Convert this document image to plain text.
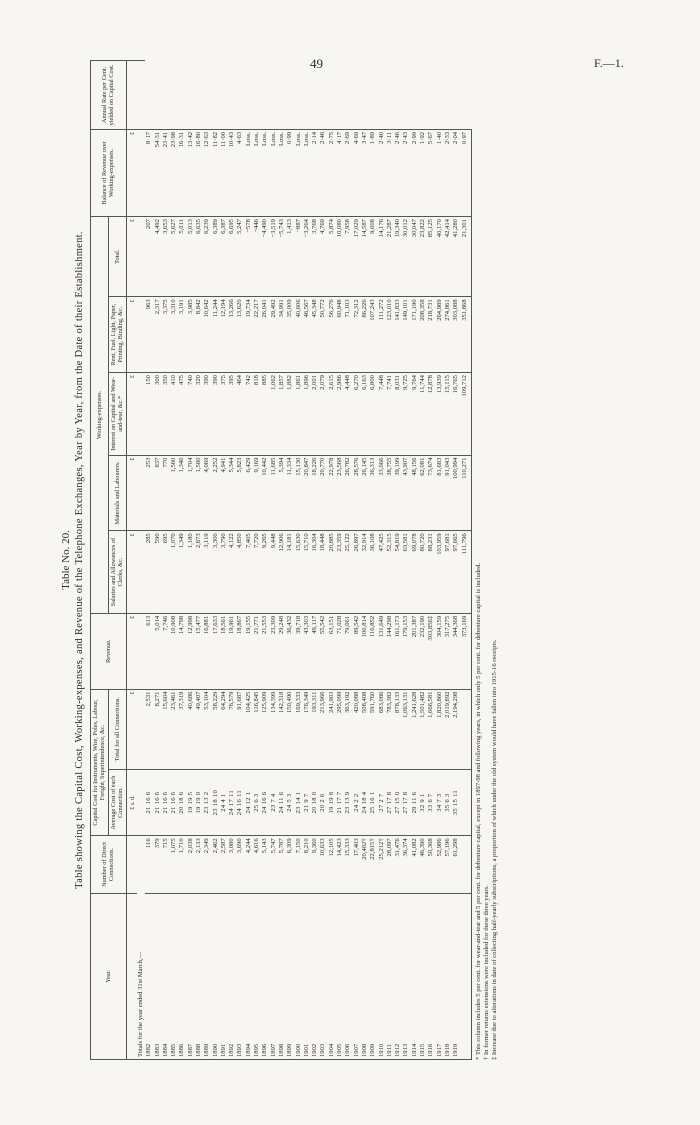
49	F.—1.
Table No. 20. Table showing the Capital Cost, Working-expenses, and Revenue of the Telephone Exchanges, Year by Year, from the Date of their Establishment.
Year.	Number of Direct Connections.	Capital Cost for Instruments, Wire, Poles, Labour, Freight, Superintendence, &c.		Revenue.	Working-expenses.					Balance of Revenue over Working-expenses.	Annual Rate per Cent. yielded on Capital Cost.
		Average Cost of each Connection.	Total for all Connections.		Salaries and Allowances of Clerks, &c.	Materials and Labourers.	Interest on Capital and Wear-and-tear, &c.*	Rent, Fuel, Light, Paper, Printing, Binding, &c.	Total.		
		£ s. d.	£	£	£	£	£	£	£	£	
Totals for the year ended 31st March,—											
1882	116	21 16 6	2,531	613	285	253	150	963	207	8·17	
1883	379	21 16 6	8,271	5,014	590	837	300	2,317	4,492	54·31	
1884	715	21 16 6	15,604	7,746	695	770	350	3,375	3,653	23·41	
1885	1,075	21 16 6	23,461	10,908	1,070	1,560	410	3,310	5,627	23·98	
1886	1,710	20 18 6	37,319	14,798	1,349	1,346	475	3,191	5,011	16·31	
1887	2,038	19 19 5	40,686	12,998	1,180	1,704	740	3,985	5,013	13·42	
1888	2,133	19 19 0	49,407	15,477	2,873	1,580	320	8,842	6,635	16·80	
1889	2,349	23 13 2	53,104	16,881	3,119	4,069	390	10,642	6,239	12·63	
1890	2,462	23 18 10	58,229	17,633	3,300	2,252	390	11,244	6,389	11·82	
1891	2,587	24 4 1	64,294	18,561	3,790	4,941	375	12,194	6,387	11·00	
1892	3,080	24 17 11	76,579	19,961	4,122	5,344	395	13,266	6,695	10·43	
1893	3,690	24 16 11	91,687	18,867	4,850	5,823	464	13,620	5,247	4·63	
1894	4,244	24 12 1	104,425	19,155	7,405	6,429	742	19,734	−578	Loss.	
1895	4,616	25 6 3	116,845	21,771	7,720	9,169	818	22,217	−446	Loss.	
1896	5,143	24 16 6	125,909	21,553	9,265	10,442	885	26,041	−4,490	Loss.	
1897	5,747	23 7 4	134,399	23,309	9,448	11,685	1,062	29,492	−3,519	Loss.	
1898	5,787	24 11 6	142,318	29,248	12,906	5,394	1,857	34,991	−5,743	Loss.	
1899	6,309	24 5 3	150,490	36,432	14,181	11,334	1,882	35,009	1,413	0·99	
1900	7,150	23 14 1	169,333	39,718	15,630	15,130	1,861	40,606	−887	Loss.	
1901	8,210	21 9 7	176,349	43,303	15,710	20,847	1,896	46,567	−3,264	Loss.	
1902	9,360	20 18 0	193,311	49,117	16,304	18,226	2,001	45,348	3,768	2·14	
1903	10,633	20 2 6	213,966	55,542	18,448	20,770	2,079	50,772	4,769	2·46	
1904	12,105	19 19 8	241,903	63,151	20,885	22,978	2,615	56,276	5,874	2·75	
1905	14,423	21 17 7	295,099	71,028	23,359	23,568	2,986	60,948	10,080	4·17	
1906	15,333	23 13 9	363,192	79,061	25,122	26,782	4,448	71,103	7,958	2·69	
1907	17,403	24 2 2	420,088	89,542	26,897	28,576	6,270	72,312	17,029	4·69	
1908	20,402†	24 18 4	508,408	100,814	32,914	26,145	6,163	86,226	14,587	3·47	
1909	22,815†	25 16 1	591,760	116,852	36,108	36,313	6,800	107,243	9,608	1·89	
1910	25,212†	27 2 7	683,086	131,649	47,425	33,066	7,448	111,272	14,176	2·40	
1911	28,097	27 17 8	783,382	144,298	52,315	38,755	7,741	123,010	21,287	3·11	
1912	31,476	27 15 0	878,133	161,173	54,819	39,199	8,031	141,833	19,340	2·46	
1913	36,374	27 17 8	1,063,131	179,153	63,581	43,907	9,725	149,101	30,012	2·43	
1914	41,082	29 11 6	1,241,628	201,387	69,078	48,156	9,764	171,190	30,047	2·99	
1915	46,390	32 9 1	1,501,482	232,190	80,720	62,081	11,744	208,358	23,822	1·92	
1916	50,368	33 6 7	1,666,581	303,856‡	88,231	73,674	12,878	218,731	85,125	5·67	
1917	52,986	34 7 3	1,820,860	304,159	103,959	81,683	13,939	264,989	40,170	1·40	
1918	57,196	35 6 3	2,019,892	317,275	97,681	91,043	15,115	274,861	42,414	2·33	
1919	61,298	35 15 11	2,194,298	344,368	97,665	100,994	16,765	303,088	41,280	2·04	
				373,169	111,796	110,271	109,712	351,868	21,301	0·97	
* This column includes 5 per cent. for wear-and-tear and 5 per cent. for debenture capital, except in 1897-98 and following years, in which only 5 per cent. for debenture capital is included. † In former returns extensions were included for these three years. ‡ Increase due to alterations in date of collecting half-yearly subscriptions, a proportion of which under the old system would have fallen into 1915-16 receipts.
